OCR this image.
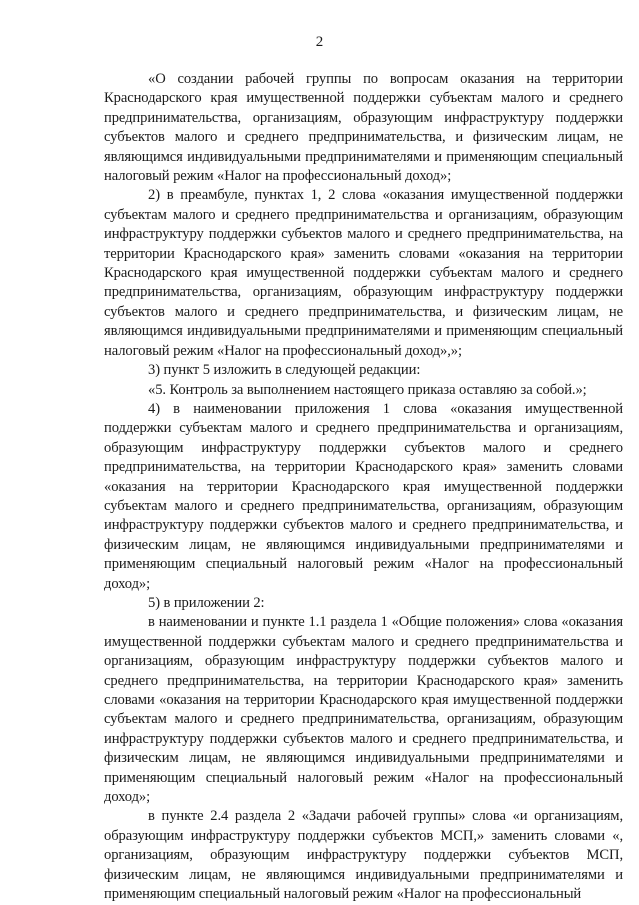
2

«О создании рабочей группы по вопросам оказания на территории Краснодарского края имущественной поддержки субъектам малого и среднего предпринимательства, организациям, образующим инфраструктуру поддержки субъектов малого и среднего предпринимательства, и физическим лицам, не являющимся индивидуальными предпринимателями и применяющим специальный налоговый режим «Налог на профессиональный доход»;

2) в преамбуле, пунктах 1, 2 слова «оказания имущественной поддержки субъектам малого и среднего предпринимательства и организациям, образующим инфраструктуру поддержки субъектов малого и среднего предпринимательства, на территории Краснодарского края» заменить словами «оказания на территории Краснодарского края имущественной поддержки субъектам малого и среднего предпринимательства, организациям, образующим инфраструктуру поддержки субъектов малого и среднего предпринимательства, и физическим лицам, не являющимся индивидуальными предпринимателями и применяющим специальный налоговый режим «Налог на профессиональный доход»,»;

3) пункт 5 изложить в следующей редакции:

«5. Контроль за выполнением настоящего приказа оставляю за собой.»;

4) в наименовании приложения 1 слова «оказания имущественной поддержки субъектам малого и среднего предпринимательства и организациям, образующим инфраструктуру поддержки субъектов малого и среднего предпринимательства, на территории Краснодарского края» заменить словами «оказания на территории Краснодарского края имущественной поддержки субъектам малого и среднего предпринимательства, организациям, образующим инфраструктуру поддержки субъектов малого и среднего предпринимательства, и физическим лицам, не являющимся индивидуальными предпринимателями и применяющим специальный налоговый режим «Налог на профессиональный доход»;

5) в приложении 2:

в наименовании и пункте 1.1 раздела 1 «Общие положения» слова «оказания имущественной поддержки субъектам малого и среднего предпринимательства и организациям, образующим инфраструктуру поддержки субъектов малого и среднего предпринимательства, на территории Краснодарского края» заменить словами «оказания на территории Краснодарского края имущественной поддержки субъектам малого и среднего предпринимательства, организациям, образующим инфраструктуру поддержки субъектов малого и среднего предпринимательства, и физическим лицам, не являющимся индивидуальными предпринимателями и применяющим специальный налоговый режим «Налог на профессиональный доход»;

в пункте 2.4 раздела 2 «Задачи рабочей группы» слова «и организациям, образующим инфраструктуру поддержки субъектов МСП,» заменить словами «, организациям, образующим инфраструктуру поддержки субъектов МСП, физическим лицам, не являющимся индивидуальными предпринимателями и применяющим специальный налоговый режим «Налог на профессиональный
